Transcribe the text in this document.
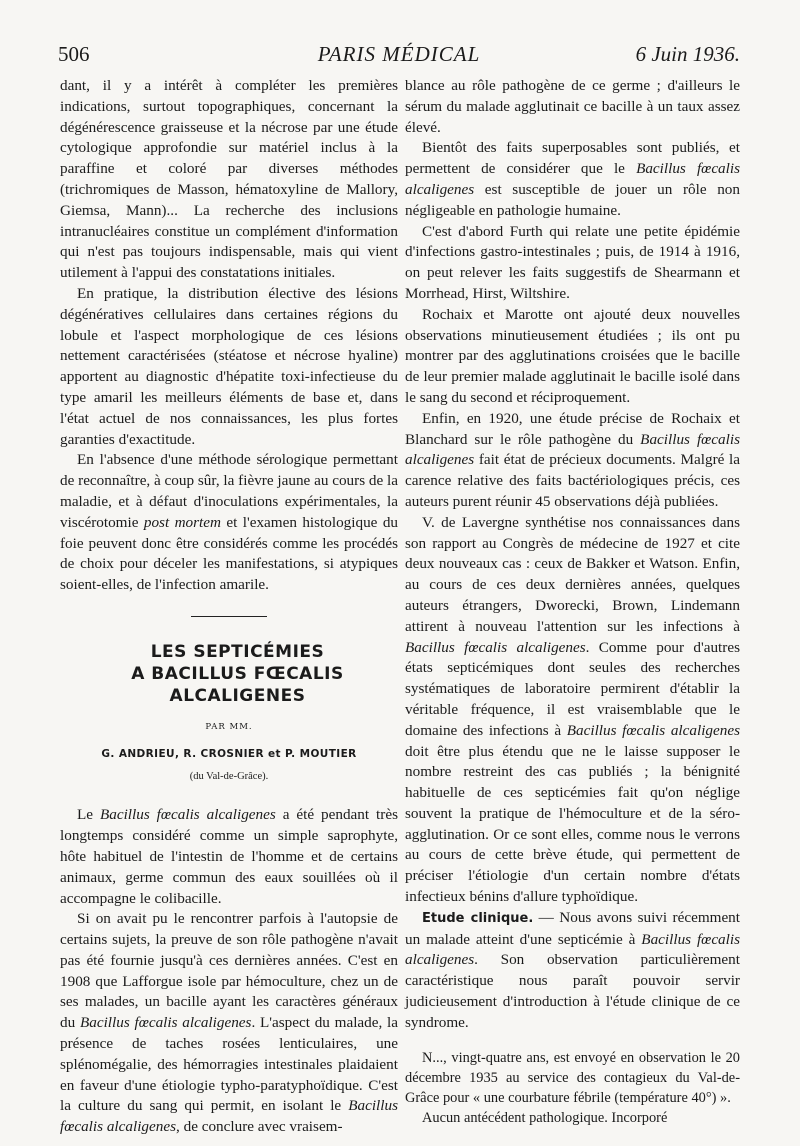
506	PARIS MÉDICAL	6 Juin 1936.

dant, il y a intérêt à compléter les premières indications, surtout topographiques, concernant la dégénérescence graisseuse et la nécrose par une étude cytologique approfondie sur matériel inclus à la paraffine et coloré par diverses méthodes (trichromiques de Masson, hématoxyline de Mallory, Giemsa, Mann)... La recherche des inclusions intranucléaires constitue un complément d'information qui n'est pas toujours indispensable, mais qui vient utilement à l'appui des constatations initiales.

En pratique, la distribution élective des lésions dégénératives cellulaires dans certaines régions du lobule et l'aspect morphologique de ces lésions nettement caractérisées (stéatose et nécrose hyaline) apportent au diagnostic d'hépatite toxi-infectieuse du type amaril les meilleurs éléments de base et, dans l'état actuel de nos connaissances, les plus fortes garanties d'exactitude.

En l'absence d'une méthode sérologique permettant de reconnaître, à coup sûr, la fièvre jaune au cours de la maladie, et à défaut d'inoculations expérimentales, la viscérotomie post mortem et l'examen histologique du foie peuvent donc être considérés comme les procédés de choix pour déceler les manifestations, si atypiques soient-elles, de l'infection amarile.

LES SEPTICÉMIES

A BACILLUS FŒCALIS

ALCALIGENES

PAR MM.
G. ANDRIEU, R. CROSNIER et P. MOUTIER
(du Val-de-Grâce).

Le Bacillus fœcalis alcaligenes a été pendant très longtemps considéré comme un simple saprophyte, hôte habituel de l'intestin de l'homme et de certains animaux, germe commun des eaux souillées où il accompagne le colibacille.

Si on avait pu le rencontrer parfois à l'autopsie de certains sujets, la preuve de son rôle pathogène n'avait pas été fournie jusqu'à ces dernières années. C'est en 1908 que Lafforgue isole par hémoculture, chez un de ses malades, un bacille ayant les caractères généraux du Bacillus fœcalis alcaligenes. L'aspect du malade, la présence de taches rosées lenticulaires, une splénomégalie, des hémorragies intestinales plaidaient en faveur d'une étiologie typho-paratyphoïdique. C'est la culture du sang qui permit, en isolant le Bacillus fœcalis alcaligenes, de conclure avec vraisem-

blance au rôle pathogène de ce germe ; d'ailleurs le sérum du malade agglutinait ce bacille à un taux assez élevé.

Bientôt des faits superposables sont publiés, et permettent de considérer que le Bacillus fœcalis alcaligenes est susceptible de jouer un rôle non négligeable en pathologie humaine.

C'est d'abord Furth qui relate une petite épidémie d'infections gastro-intestinales ; puis, de 1914 à 1916, on peut relever les faits suggestifs de Shearmann et Morrhead, Hirst, Wiltshire.

Rochaix et Marotte ont ajouté deux nouvelles observations minutieusement étudiées ; ils ont pu montrer par des agglutinations croisées que le bacille de leur premier malade agglutinait le bacille isolé dans le sang du second et réciproquement.

Enfin, en 1920, une étude précise de Rochaix et Blanchard sur le rôle pathogène du Bacillus fœcalis alcaligenes fait état de précieux documents. Malgré la carence relative des faits bactériologiques précis, ces auteurs purent réunir 45 observations déjà publiées.

V. de Lavergne synthétise nos connaissances dans son rapport au Congrès de médecine de 1927 et cite deux nouveaux cas : ceux de Bakker et Watson. Enfin, au cours de ces deux dernières années, quelques auteurs étrangers, Dworecki, Brown, Lindemann attirent à nouveau l'attention sur les infections à Bacillus fœcalis alcaligenes. Comme pour d'autres états septicémiques dont seules des recherches systématiques de laboratoire permirent d'établir la véritable fréquence, il est vraisemblable que le domaine des infections à Bacillus fœcalis alcaligenes doit être plus étendu que ne le laisse supposer le nombre restreint des cas publiés ; la bénignité habituelle de ces septicémies fait qu'on néglige souvent la pratique de l'hémoculture et de la séro-agglutination. Or ce sont elles, comme nous le verrons au cours de cette brève étude, qui permettent de préciser l'étiologie d'un certain nombre d'états infectieux bénins d'allure typhoïdique.

Etude clinique. — Nous avons suivi récemment un malade atteint d'une septicémie à Bacillus fœcalis alcaligenes. Son observation particulièrement caractéristique nous paraît pouvoir servir judicieusement d'introduction à l'étude clinique de ce syndrome.

N..., vingt-quatre ans, est envoyé en observation le 20 décembre 1935 au service des contagieux du Val-de-Grâce pour « une courbature fébrile (température 40°) ».

Aucun antécédent pathologique. Incorporé
